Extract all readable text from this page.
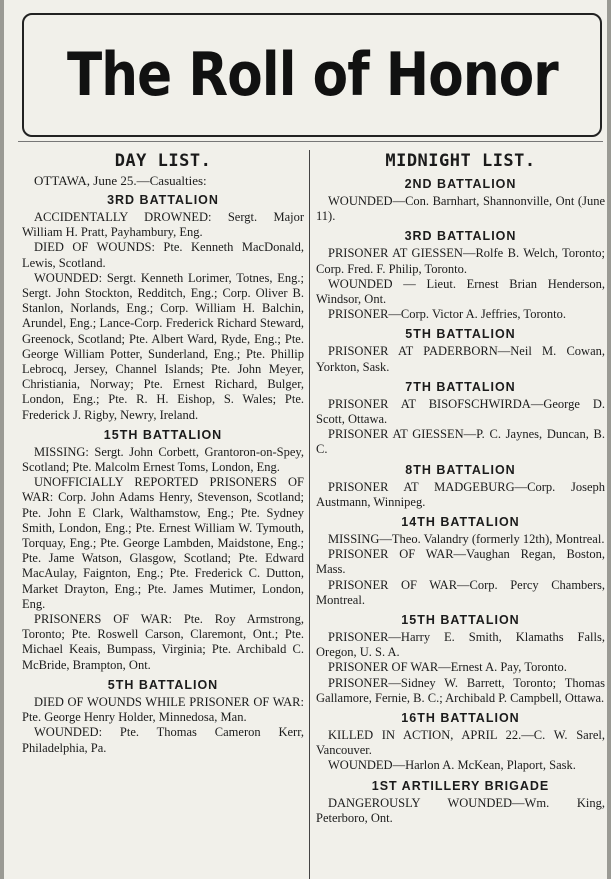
The Roll of Honor
DAY LIST.
OTTAWA, June 25.—Casualties:
3RD BATTALION

ACCIDENTALLY DROWNED: Sergt. Major William H. Pratt, Payhambury, Eng.

DIED OF WOUNDS: Pte. Kenneth MacDonald, Lewis, Scotland.

WOUNDED: Sergt. Kenneth Lorimer, Totnes, Eng.; Sergt. John Stockton, Redditch, Eng.; Corp. Oliver B. Stanlon, Norlands, Eng.; Corp. William H. Balchin, Arundel, Eng.; Lance-Corp. Frederick Richard Steward, Greenock, Scotland; Pte. Albert Ward, Ryde, Eng.; Pte. George William Potter, Sunderland, Eng.; Pte. Phillip Lebrocq, Jersey, Channel Islands; Pte. John Meyer, Christiania, Norway; Pte. Ernest Richard, Bulger, London, Eng.; Pte. R. H. Eishop, S. Wales; Pte. Frederick J. Rigby, Newry, Ireland.

15TH BATTALION

MISSING: Sergt. John Corbett, Grantoron-on-Spey, Scotland; Pte. Malcolm Ernest Toms, London, Eng.

UNOFFICIALLY REPORTED PRISONERS OF WAR: Corp. John Adams Henry, Stevenson, Scotland; Pte. John E Clark, Walthamstow, Eng.; Pte. Sydney Smith, London, Eng.; Pte. Ernest William W. Tymouth, Torquay, Eng.; Pte. George Lambden, Maidstone, Eng.; Pte. Jame Watson, Glasgow, Scotland; Pte. Edward MacAulay, Faignton, Eng.; Pte. Frederick C. Dutton, Market Drayton, Eng.; Pte. James Mutimer, London, Eng.

PRISONERS OF WAR: Pte. Roy Armstrong, Toronto; Pte. Roswell Carson, Claremont, Ont.; Pte. Michael Keais, Bumpass, Virginia; Pte. Archibald C. McBride, Brampton, Ont.

5TH BATTALION

DIED OF WOUNDS WHILE PRISONER OF WAR: Pte. George Henry Holder, Minnedosa, Man.

WOUNDED: Pte. Thomas Cameron Kerr, Philadelphia, Pa.

MIDNIGHT LIST.
2ND BATTALION

WOUNDED—Con. Barnhart, Shannonville, Ont (June 11).

3RD BATTALION

PRISONER AT GIESSEN—Rolfe B. Welch, Toronto; Corp. Fred. F. Philip, Toronto.

WOUNDED — Lieut. Ernest Brian Henderson, Windsor, Ont.

PRISONER—Corp. Victor A. Jeffries, Toronto.

5TH BATTALION

PRISONER AT PADERBORN—Neil M. Cowan, Yorkton, Sask.

7TH BATTALION

PRISONER AT BISOFSCHWIRDA—George D. Scott, Ottawa.

PRISONER AT GIESSEN—P. C. Jaynes, Duncan, B. C.

8TH BATTALION

PRISONER AT MADGEBURG—Corp. Joseph Austmann, Winnipeg.

14TH BATTALION

MISSING—Theo. Valandry (formerly 12th), Montreal.

PRISONER OF WAR—Vaughan Regan, Boston, Mass.

PRISONER OF WAR—Corp. Percy Chambers, Montreal.

15TH BATTALION

PRISONER—Harry E. Smith, Klamaths Falls, Oregon, U. S. A.

PRISONER OF WAR—Ernest A. Pay, Toronto.

PRISONER—Sidney W. Barrett, Toronto; Thomas Gallamore, Fernie, B. C.; Archibald P. Campbell, Ottawa.

16TH BATTALION

KILLED IN ACTION, APRIL 22.—C. W. Sarel, Vancouver.

WOUNDED—Harlon A. McKean, Plaport, Sask.

1ST ARTILLERY BRIGADE

DANGEROUSLY WOUNDED—Wm. King, Peterboro, Ont.
